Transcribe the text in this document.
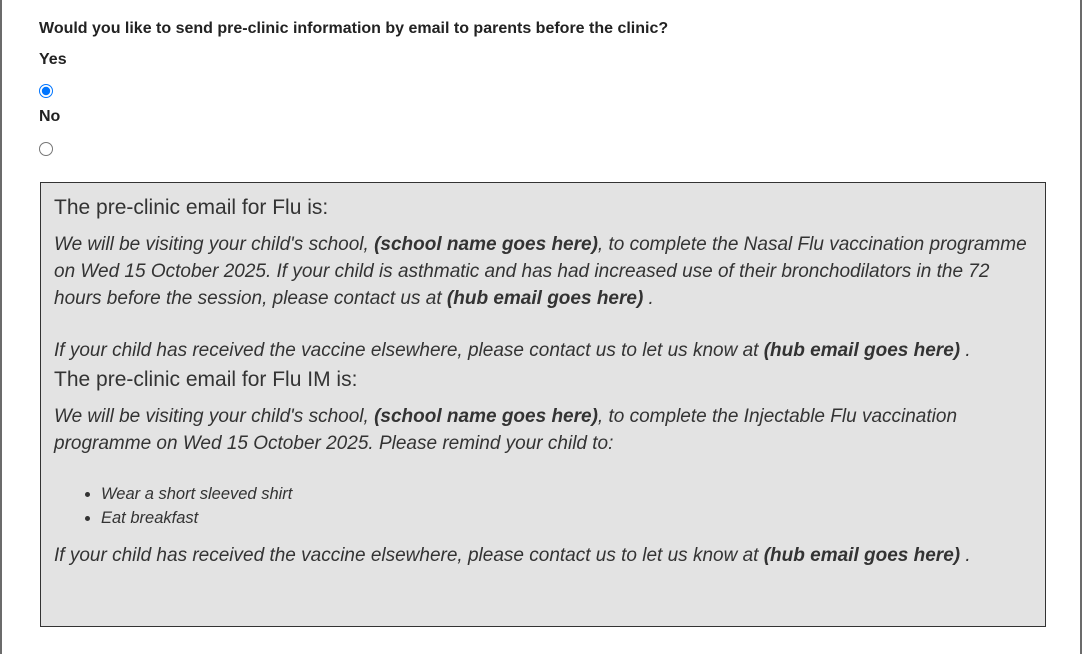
Would you like to send pre-clinic information by email to parents before the clinic?
Yes
No
The pre-clinic email for Flu is:

We will be visiting your child's school, (school name goes here), to complete the Nasal Flu vaccination programme on Wed 15 October 2025. If your child is asthmatic and has had increased use of their bronchodilators in the 72 hours before the session, please contact us at (hub email goes here) .

If your child has received the vaccine elsewhere, please contact us to let us know at (hub email goes here) .

The pre-clinic email for Flu IM is:

We will be visiting your child's school, (school name goes here), to complete the Injectable Flu vaccination programme on Wed 15 October 2025. Please remind your child to:

• Wear a short sleeved shirt
• Eat breakfast

If your child has received the vaccine elsewhere, please contact us to let us know at (hub email goes here) .
